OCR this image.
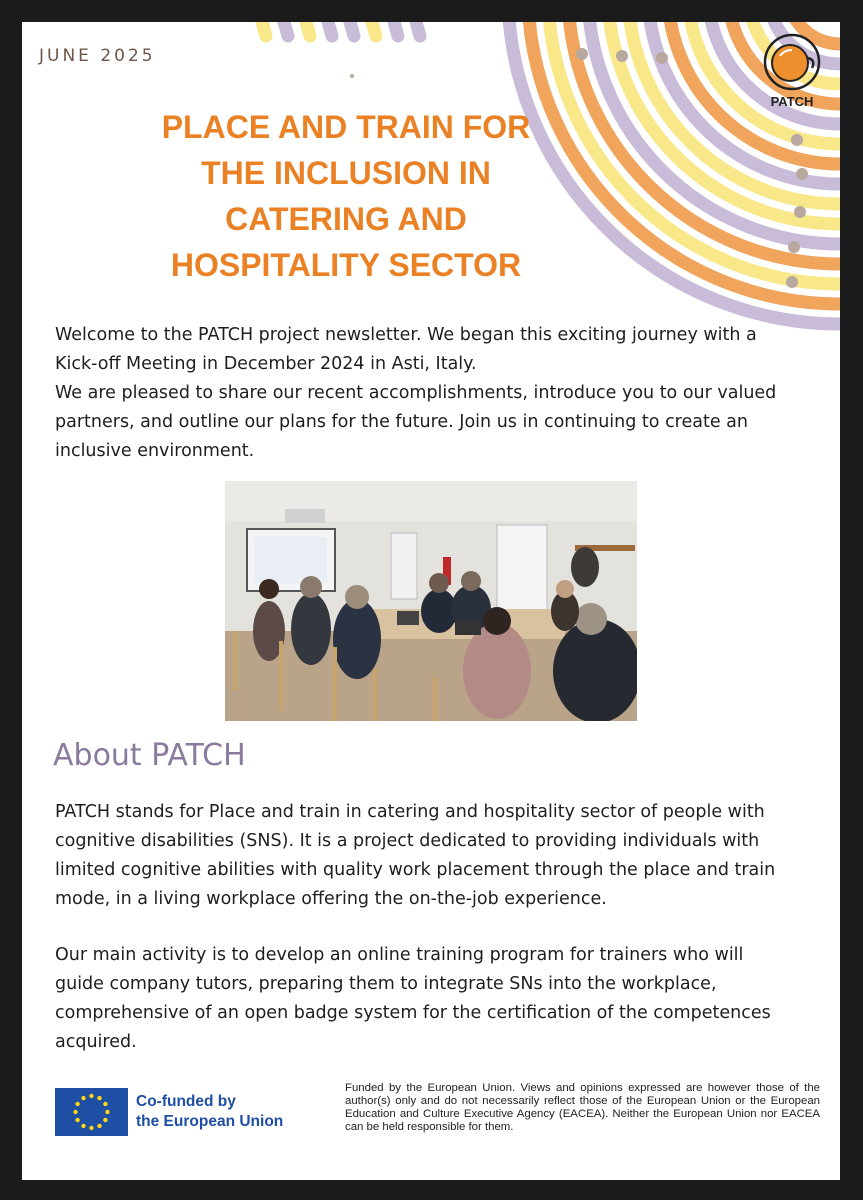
JUNE 2025
PATCH
PLACE AND TRAIN FOR
THE INCLUSION IN
CATERING AND
HOSPITALITY SECTOR

Welcome to the PATCH project newsletter. We began this exciting journey with a
Kick-off Meeting in December 2024 in Asti, Italy.
We are pleased to share our recent accomplishments, introduce you to our valued
partners, and outline our plans for the future. Join us in continuing to create an
inclusive environment.

About PATCH

PATCH stands for Place and train in catering and hospitality sector of people with
cognitive disabilities (SNS). It is a project dedicated to providing individuals with
limited cognitive abilities with quality work placement through the place and train
mode, in a living workplace offering the on-the-job experience.

Our main activity is to develop an online training program for trainers who will
guide company tutors, preparing them to integrate SNs into the workplace,
comprehensive of an open badge system for the certification of the competences
acquired.

Co-funded by
the European Union

Funded by the European Union. Views and opinions expressed are however those of the author(s) only and do not necessarily reflect those of the European Union or the European Education and Culture Executive Agency (EACEA). Neither the European Union nor EACEA can be held responsible for them.
